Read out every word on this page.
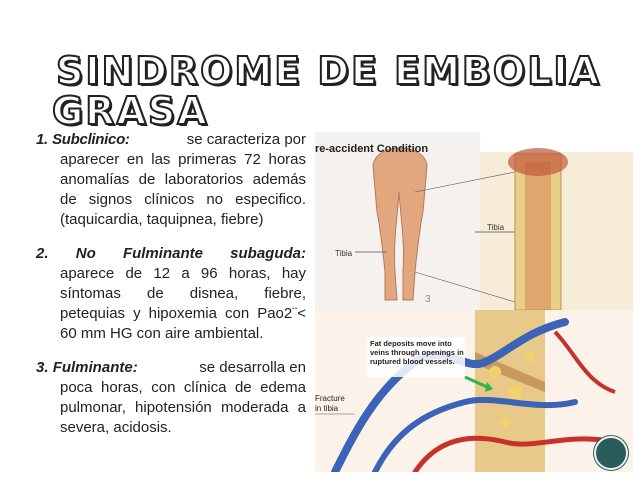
SINDROME DE EMBOLIA
GRASA
1. Subclinico:	se caracteriza por
aparecer en las primeras 72 horas anomalías de laboratorios además de signos clínicos no especifico. (taquicardia, taquipnea, fiebre)
2. No Fulminante subaguda:
aparece de 12 a 96 horas, hay síntomas de disnea, fiebre, petequias y hipoxemia con Pao2¨< 60 mm HG con aire ambiental.
3. Fulminante:	se desarrolla en
poca horas, con clínica de edema pulmonar, hipotensión moderada a severa, acidosis.
Tibia
re-accident Condition
3
Tibia
Fat deposits move into veins through openings in ruptured blood vessels.
Fracture
in tibia
